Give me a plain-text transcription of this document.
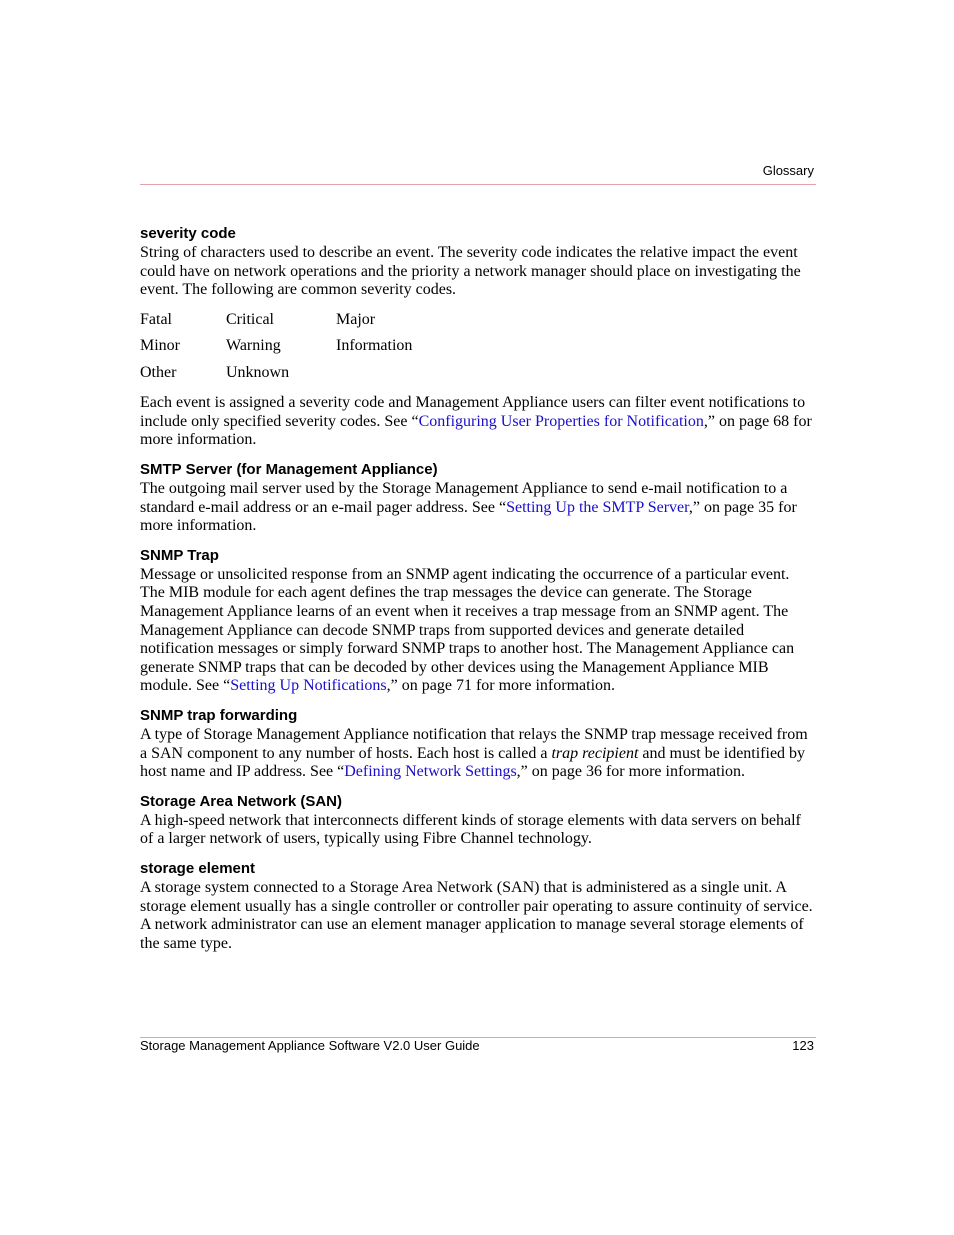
Glossary

severity code

String of characters used to describe an event. The severity code indicates the relative impact the event could have on network operations and the priority a network manager should place on investigating the event. The following are common severity codes.

Fatal	Critical	Major
Minor	Warning	Information
Other	Unknown

Each event is assigned a severity code and Management Appliance users can filter event notifications to include only specified severity codes. See “Configuring User Properties for Notification,” on page 68 for more information.

SMTP Server (for Management Appliance)

The outgoing mail server used by the Storage Management Appliance to send e-mail notification to a standard e-mail address or an e-mail pager address. See “Setting Up the SMTP Server,” on page 35 for more information.

SNMP Trap

Message or unsolicited response from an SNMP agent indicating the occurrence of a particular event. The MIB module for each agent defines the trap messages the device can generate. The Storage Management Appliance learns of an event when it receives a trap message from an SNMP agent. The Management Appliance can decode SNMP traps from supported devices and generate detailed notification messages or simply forward SNMP traps to another host. The Management Appliance can generate SNMP traps that can be decoded by other devices using the Management Appliance MIB module. See “Setting Up Notifications,” on page 71 for more information.

SNMP trap forwarding

A type of Storage Management Appliance notification that relays the SNMP trap message received from a SAN component to any number of hosts. Each host is called a trap recipient and must be identified by host name and IP address. See “Defining Network Settings,” on page 36 for more information.

Storage Area Network (SAN)

A high-speed network that interconnects different kinds of storage elements with data servers on behalf of a larger network of users, typically using Fibre Channel technology.

storage element

A storage system connected to a Storage Area Network (SAN) that is administered as a single unit. A storage element usually has a single controller or controller pair operating to assure continuity of service. A network administrator can use an element manager application to manage several storage elements of the same type.

Storage Management Appliance Software V2.0 User Guide	123
